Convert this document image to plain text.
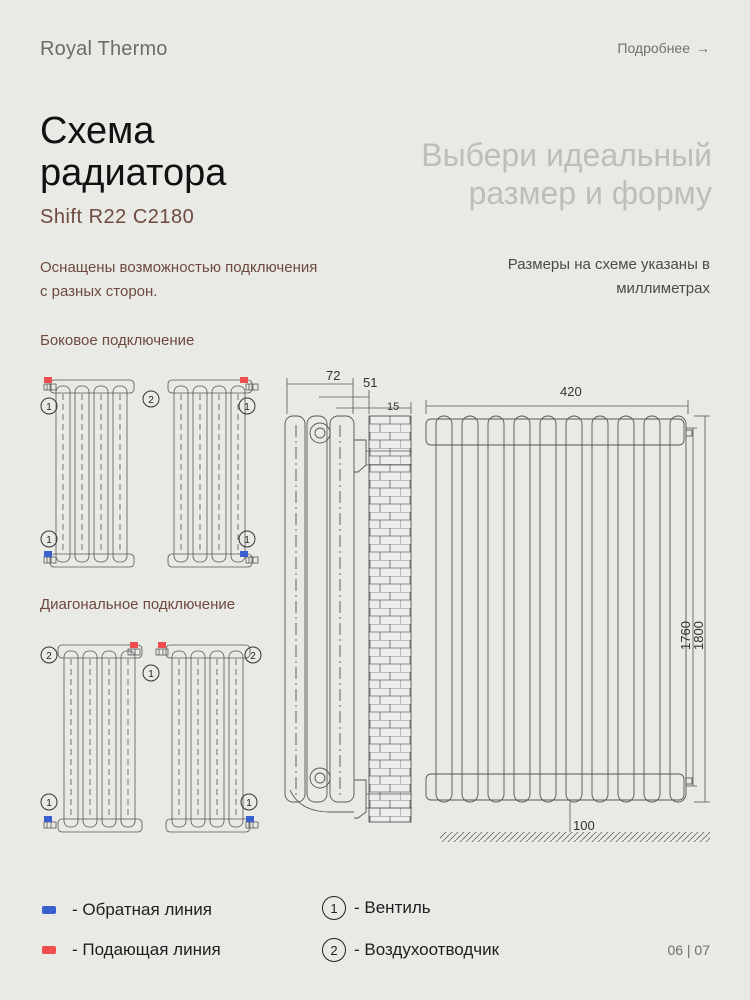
Royal Thermo	Подробнее →
Схема радиатора	Выбери идеальный размер и форму
Shift R22 C2180
Оснащены возможностью подключения с разных сторон.
Размеры на схеме указаны в миллиметрах
Боковое подключение
Диагональное подключение
1
2
1
1	1
2
1
2
1	1
72 51
15
420
1760
1800
100
- Обратная линия
- Подающая линия
1 - Вентиль
2 - Воздухоотводчик	06 | 07
